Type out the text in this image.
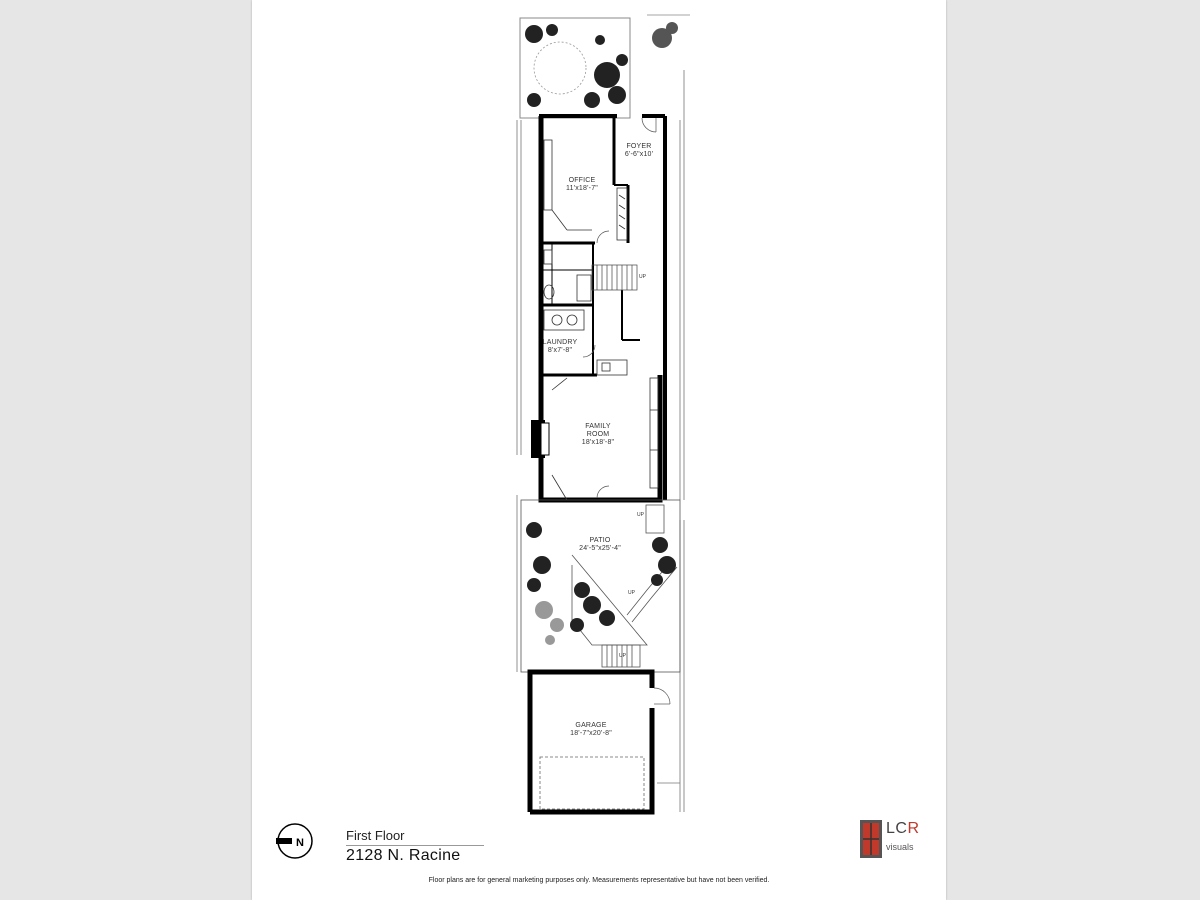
FOYER
6'-6"x10'
OFFICE
11'x18'-7"
LAUNDRY
8'x7'-8"
FAMILY
ROOM
18'x18'-8"
PATIO
24'-5"x25'-4"
GARAGE
18'-7"x20'-8"
UP
UP
UP
UP
N	First Floor
2128 N. Racine
LCR
visuals
Floor plans are for general marketing purposes only. Measurements representative but have not been verified.
